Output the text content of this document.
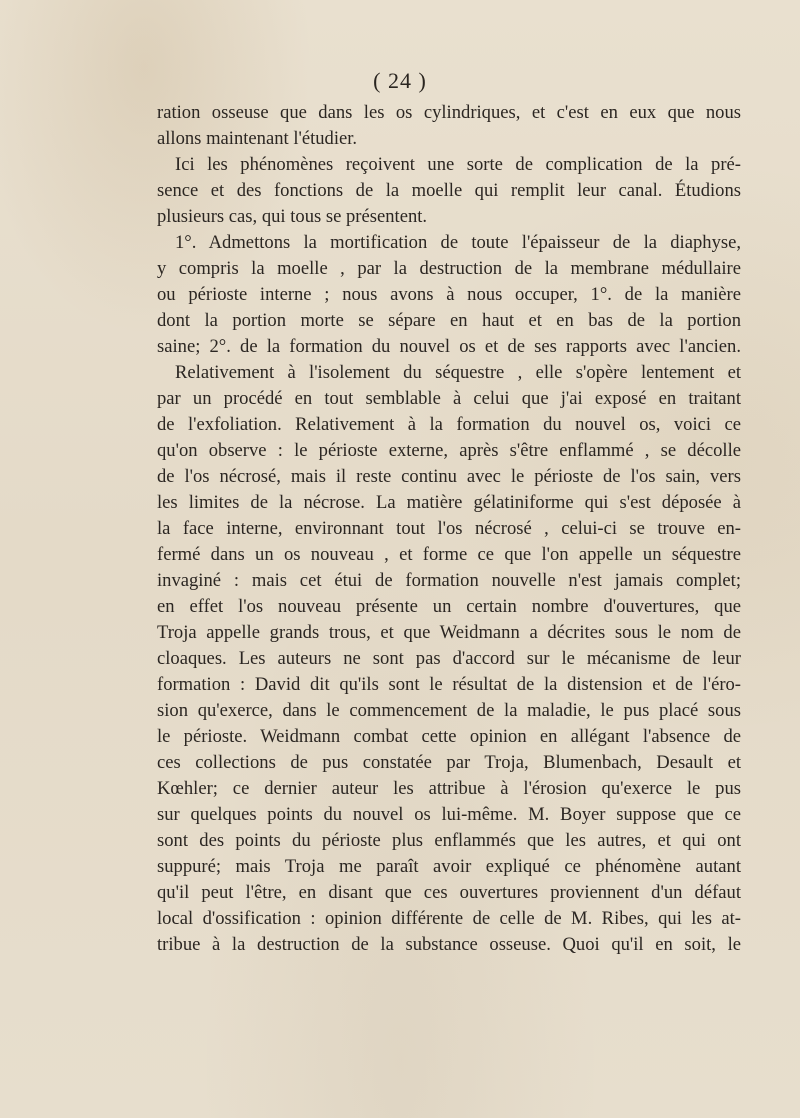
( 24 )
ration osseuse que dans les os cylindriques, et c'est en eux que nous
allons maintenant l'étudier.
Ici les phénomènes reçoivent une sorte de complication de la pré-
sence et des fonctions de la moelle qui remplit leur canal. Étudions
plusieurs cas, qui tous se présentent.
1°. Admettons la mortification de toute l'épaisseur de la diaphyse,
y compris la moelle , par la destruction de la membrane médullaire
ou périoste interne ; nous avons à nous occuper, 1°. de la manière
dont la portion morte se sépare en haut et en bas de la portion
saine; 2°. de la formation du nouvel os et de ses rapports avec l'ancien.
Relativement à l'isolement du séquestre , elle s'opère lentement et
par un procédé en tout semblable à celui que j'ai exposé en traitant
de l'exfoliation. Relativement à la formation du nouvel os, voici ce
qu'on observe : le périoste externe, après s'être enflammé , se décolle
de l'os nécrosé, mais il reste continu avec le périoste de l'os sain, vers
les limites de la nécrose. La matière gélatiniforme qui s'est déposée à
la face interne, environnant tout l'os nécrosé , celui-ci se trouve en-
fermé dans un os nouveau , et forme ce que l'on appelle un séquestre
invaginé : mais cet étui de formation nouvelle n'est jamais complet;
en effet l'os nouveau présente un certain nombre d'ouvertures, que
Troja appelle grands trous, et que Weidmann a décrites sous le nom de
cloaques. Les auteurs ne sont pas d'accord sur le mécanisme de leur
formation : David dit qu'ils sont le résultat de la distension et de l'éro-
sion qu'exerce, dans le commencement de la maladie, le pus placé sous
le périoste. Weidmann combat cette opinion en allégant l'absence de
ces collections de pus constatée par Troja, Blumenbach, Desault et
Kœhler; ce dernier auteur les attribue à l'érosion qu'exerce le pus
sur quelques points du nouvel os lui-même. M. Boyer suppose que ce
sont des points du périoste plus enflammés que les autres, et qui ont
suppuré; mais Troja me paraît avoir expliqué ce phénomène autant
qu'il peut l'être, en disant que ces ouvertures proviennent d'un défaut
local d'ossification : opinion différente de celle de M. Ribes, qui les at-
tribue à la destruction de la substance osseuse. Quoi qu'il en soit, le
